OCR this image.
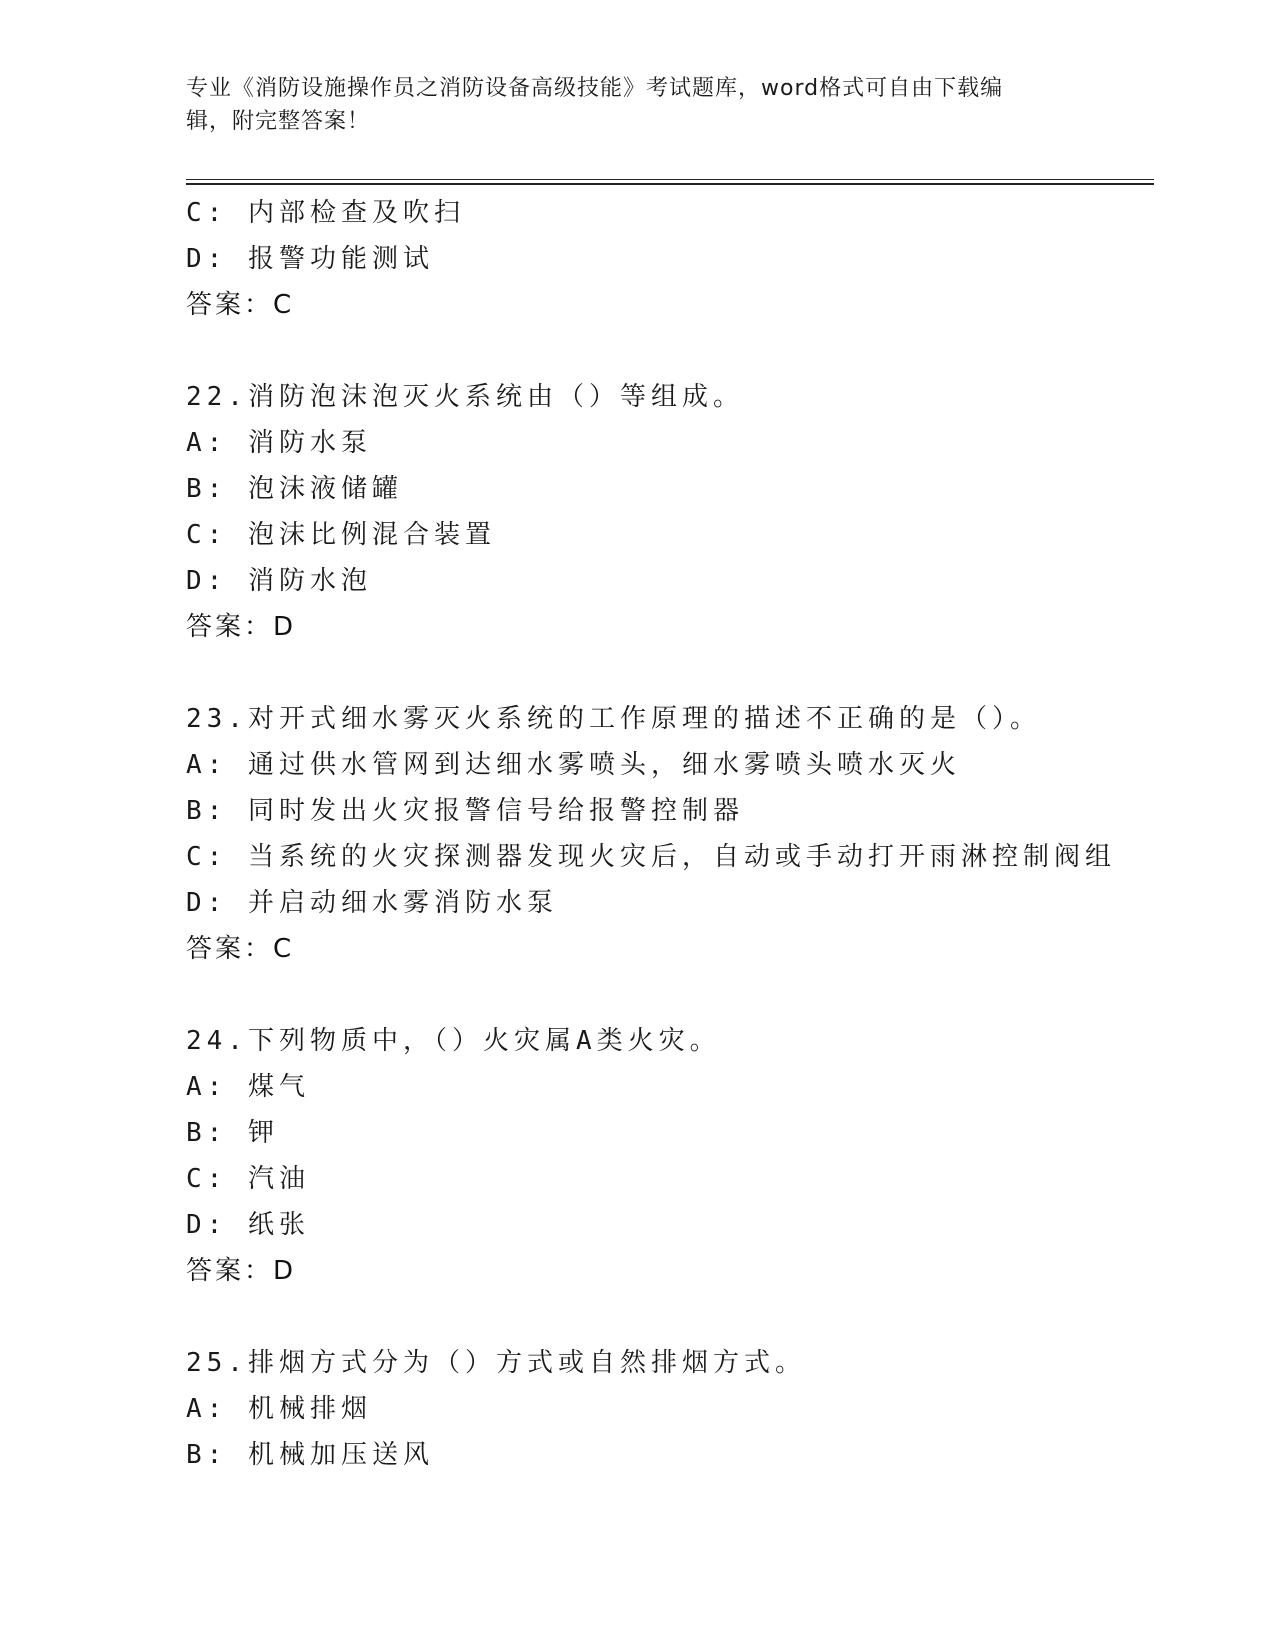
专业《消防设施操作员之消防设备高级技能》考试题库，word格式可自由下载编
辑，附完整答案！
C: 内部检查及吹扫
D: 报警功能测试
答案：C
22.消防泡沫泡灭火系统由（）等组成。
A: 消防水泵
B: 泡沫液储罐
C: 泡沫比例混合装置
D: 消防水泡
答案：D
23.对开式细水雾灭火系统的工作原理的描述不正确的是（）。
A: 通过供水管网到达细水雾喷头，细水雾喷头喷水灭火
B: 同时发出火灾报警信号给报警控制器
C: 当系统的火灾探测器发现火灾后，自动或手动打开雨淋控制阀组
D: 并启动细水雾消防水泵
答案：C
24.下列物质中，（）火灾属A类火灾。
A: 煤气
B: 钾
C: 汽油
D: 纸张
答案：D
25.排烟方式分为（）方式或自然排烟方式。
A: 机械排烟
B: 机械加压送风
